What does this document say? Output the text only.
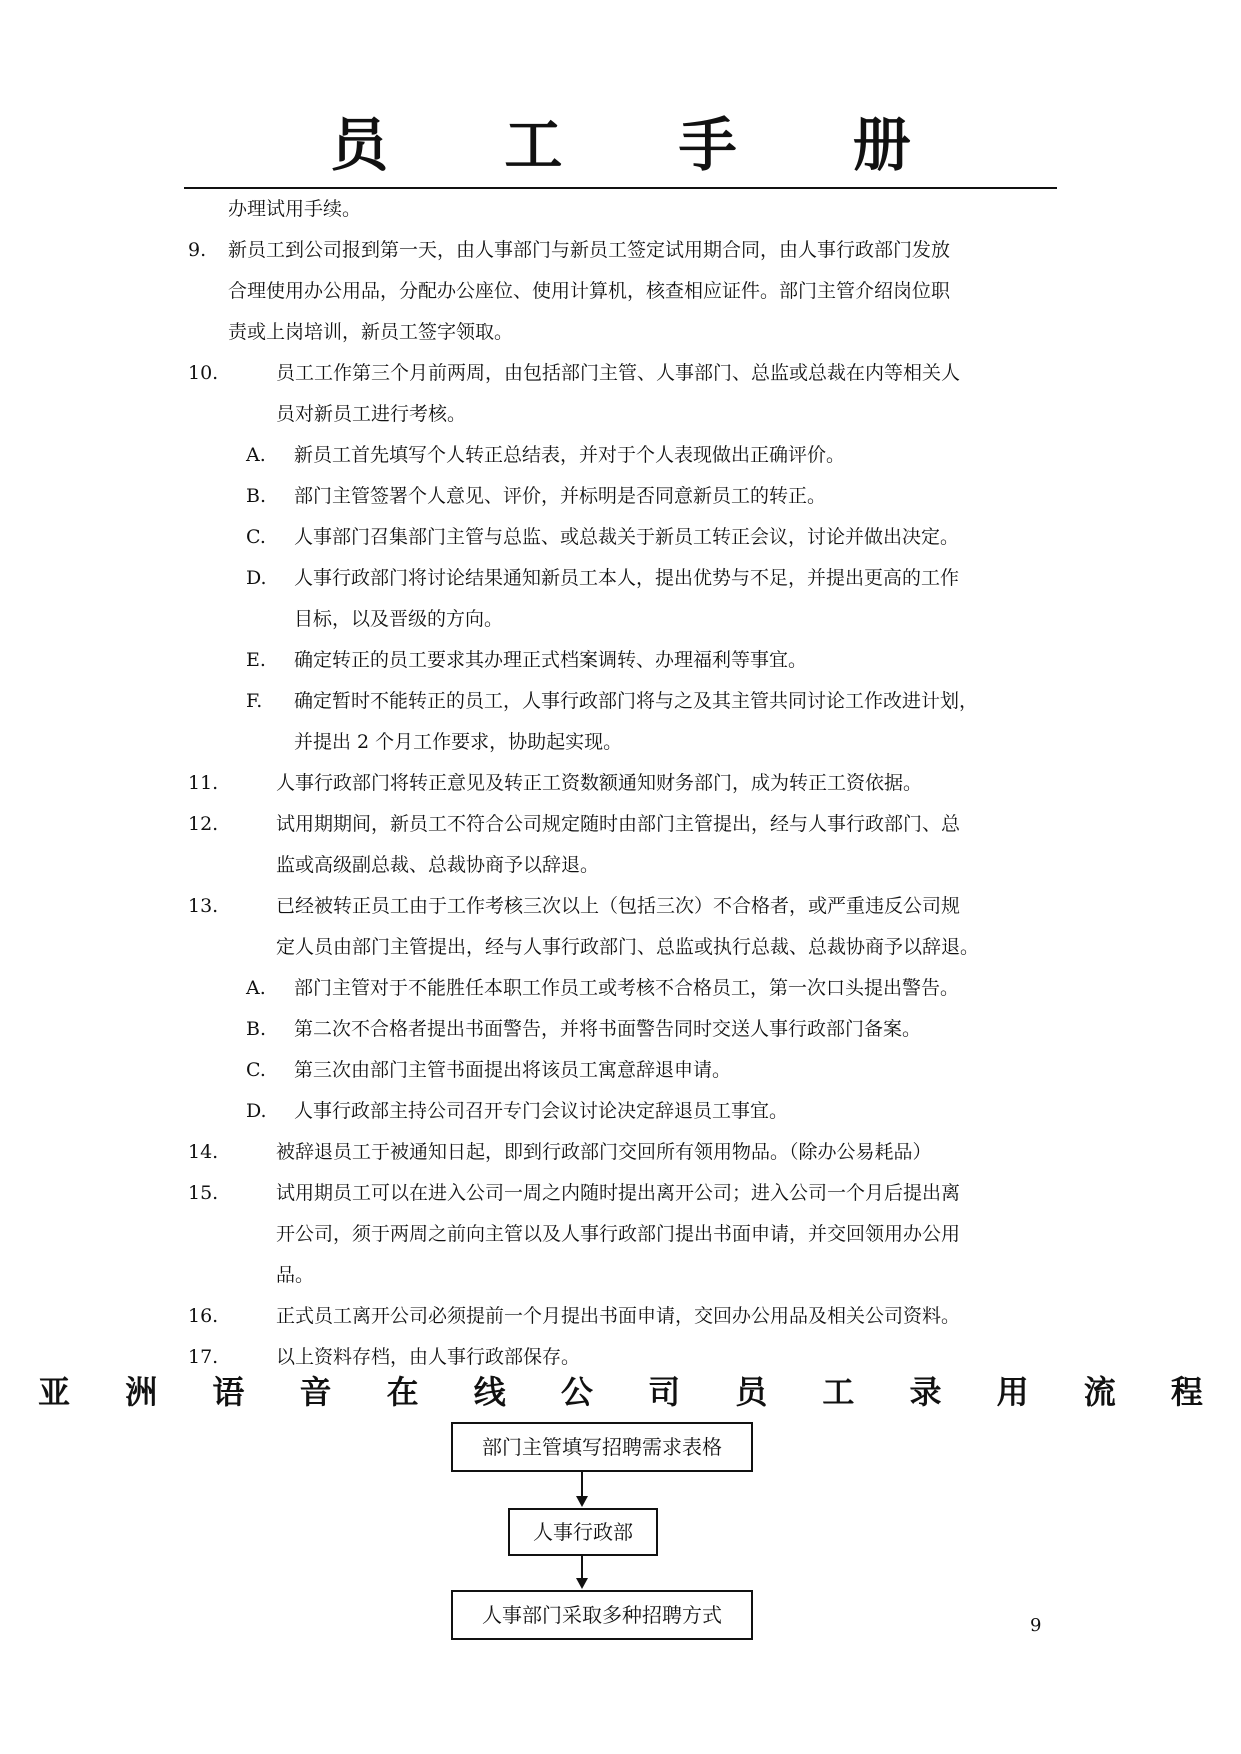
员 工 手 册
办理试用手续。
9. 新员工到公司报到第一天，由人事部门与新员工签定试用期合同，由人事行政部门发放
合理使用办公用品，分配办公座位、使用计算机，核查相应证件。部门主管介绍岗位职
责或上岗培训，新员工签字领取。
10.	员工工作第三个月前两周，由包括部门主管、人事部门、总监或总裁在内等相关人
员对新员工进行考核。
A. 新员工首先填写个人转正总结表，并对于个人表现做出正确评价。
B. 部门主管签署个人意见、评价，并标明是否同意新员工的转正。
C. 人事部门召集部门主管与总监、或总裁关于新员工转正会议，讨论并做出决定。
D. 人事行政部门将讨论结果通知新员工本人，提出优势与不足，并提出更高的工作
目标，以及晋级的方向。
E. 确定转正的员工要求其办理正式档案调转、办理福利等事宜。
F. 确定暂时不能转正的员工，人事行政部门将与之及其主管共同讨论工作改进计划，
并提出 2 个月工作要求，协助起实现。
11.	人事行政部门将转正意见及转正工资数额通知财务部门，成为转正工资依据。
12.	试用期期间，新员工不符合公司规定随时由部门主管提出，经与人事行政部门、总
监或高级副总裁、总裁协商予以辞退。
13.	已经被转正员工由于工作考核三次以上（包括三次）不合格者，或严重违反公司规
定人员由部门主管提出，经与人事行政部门、总监或执行总裁、总裁协商予以辞退。
A. 部门主管对于不能胜任本职工作员工或考核不合格员工，第一次口头提出警告。
B. 第二次不合格者提出书面警告，并将书面警告同时交送人事行政部门备案。
C. 第三次由部门主管书面提出将该员工寓意辞退申请。
D. 人事行政部主持公司召开专门会议讨论决定辞退员工事宜。
14.	被辞退员工于被通知日起，即到行政部门交回所有领用物品。（除办公易耗品）
15.	试用期员工可以在进入公司一周之内随时提出离开公司；进入公司一个月后提出离
开公司，须于两周之前向主管以及人事行政部门提出书面申请，并交回领用办公用
品。
16.	正式员工离开公司必须提前一个月提出书面申请，交回办公用品及相关公司资料。
17.	以上资料存档，由人事行政部保存。
亚 洲 语 音 在 线 公 司 员 工 录 用 流 程
部门主管填写招聘需求表格
人事行政部
人事部门采取多种招聘方式	9
